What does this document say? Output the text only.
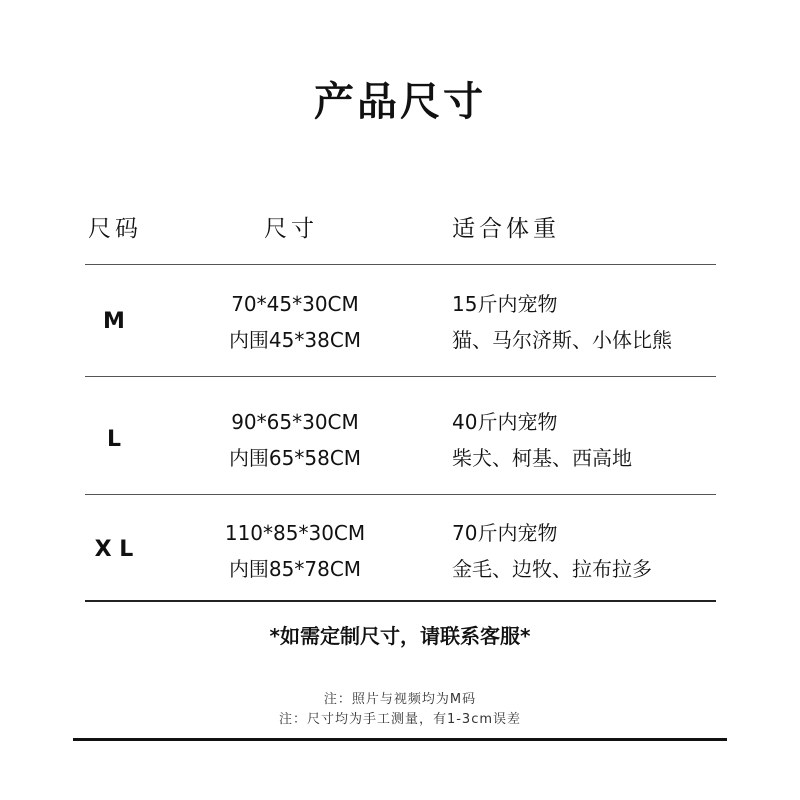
产品尺寸
尺码	尺寸	适合体重
M
70*45*30CM
内围45*38CM
15斤内宠物
猫、马尔济斯、小体比熊
L
90*65*30CM
内围65*58CM
40斤内宠物
柴犬、柯基、西高地
X L
110*85*30CM
内围85*78CM
70斤内宠物
金毛、边牧、拉布拉多
*如需定制尺寸，请联系客服*
注：照片与视频均为M码
注：尺寸均为手工测量，有1-3cm误差
